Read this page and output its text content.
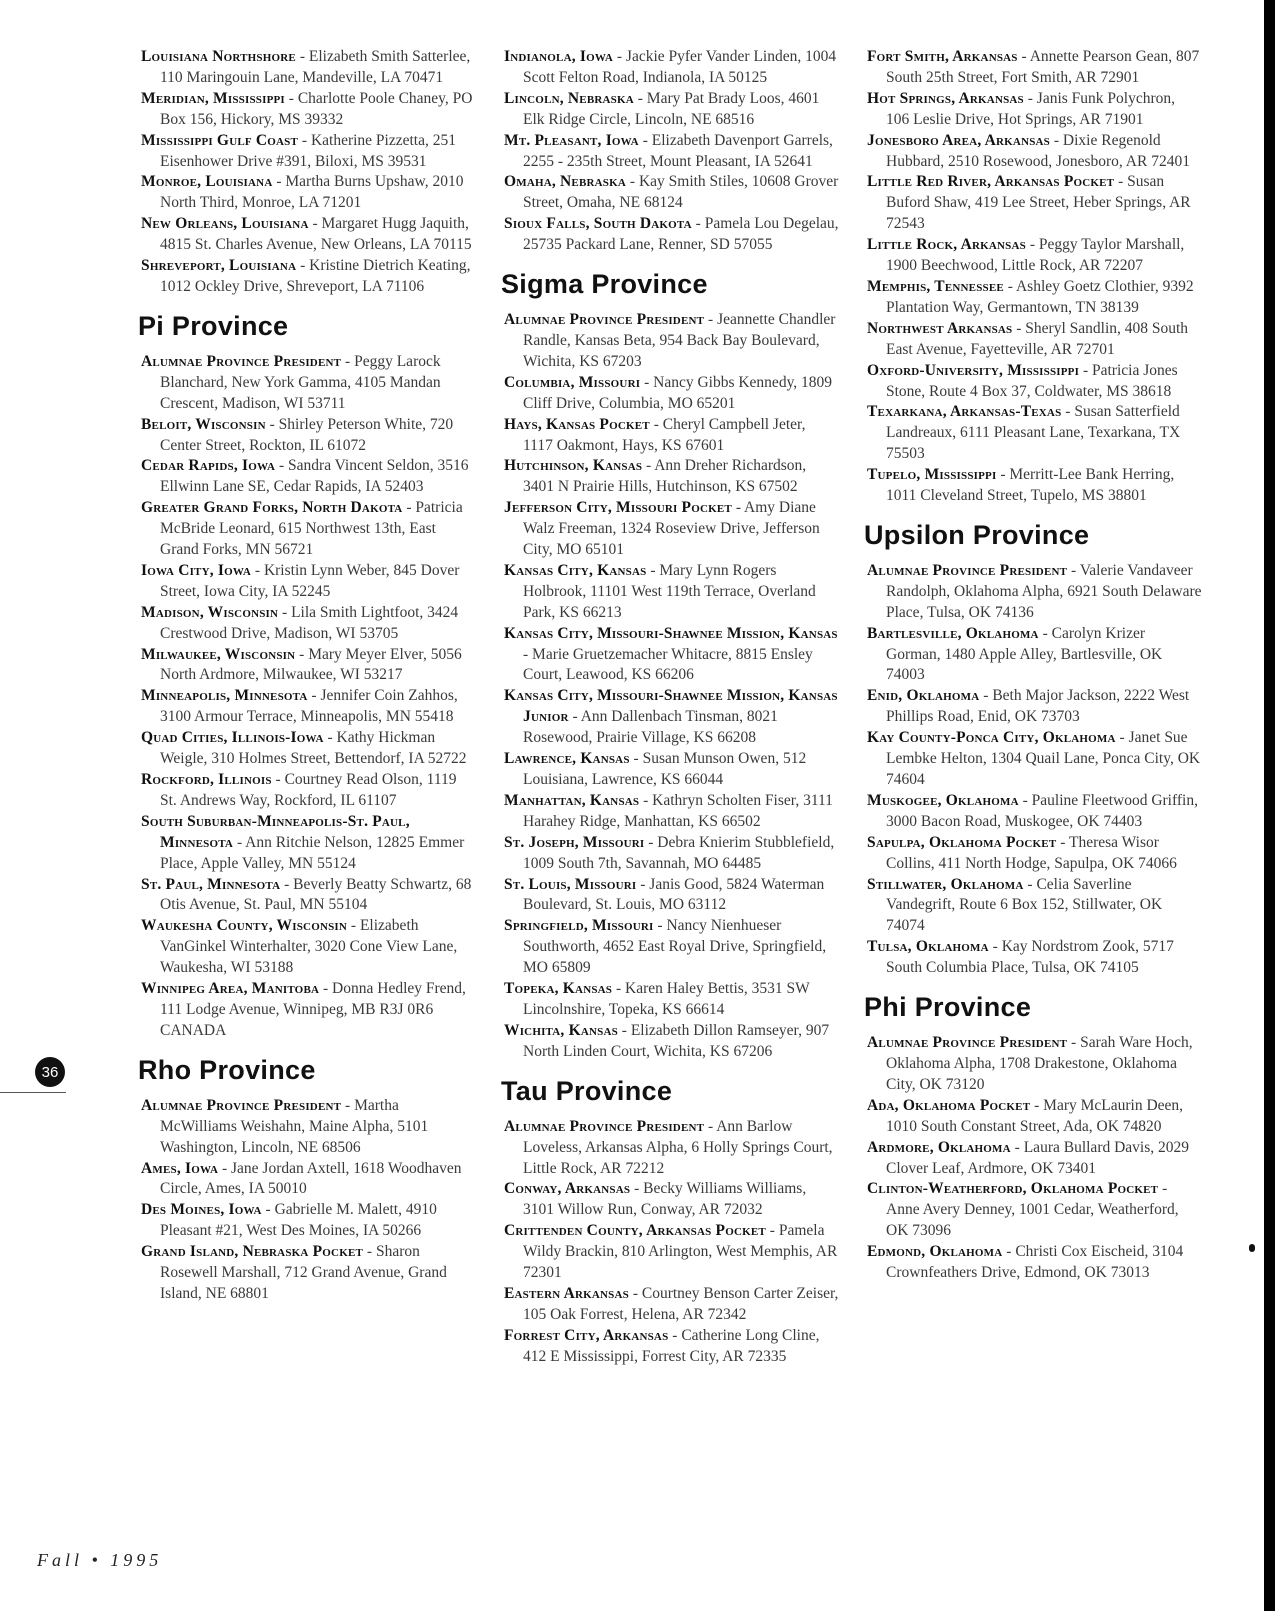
Louisiana Northshore - Elizabeth Smith Satterlee, 110 Maringouin Lane, Mandeville, LA 70471

Meridian, Mississippi - Charlotte Poole Chaney, PO Box 156, Hickory, MS 39332

Mississippi Gulf Coast - Katherine Pizzetta, 251 Eisenhower Drive #391, Biloxi, MS 39531

Monroe, Louisiana - Martha Burns Upshaw, 2010 North Third, Monroe, LA 71201

New Orleans, Louisiana - Margaret Hugg Jaquith, 4815 St. Charles Avenue, New Orleans, LA 70115

Shreveport, Louisiana - Kristine Dietrich Keating, 1012 Ockley Drive, Shreveport, LA 71106

Pi Province

Alumnae Province President - Peggy Larock Blanchard, New York Gamma, 4105 Mandan Crescent, Madison, WI 53711

Beloit, Wisconsin - Shirley Peterson White, 720 Center Street, Rockton, IL 61072

Cedar Rapids, Iowa - Sandra Vincent Seldon, 3516 Ellwinn Lane SE, Cedar Rapids, IA 52403

Greater Grand Forks, North Dakota - Patricia McBride Leonard, 615 Northwest 13th, East Grand Forks, MN 56721

Iowa City, Iowa - Kristin Lynn Weber, 845 Dover Street, Iowa City, IA 52245

Madison, Wisconsin - Lila Smith Lightfoot, 3424 Crestwood Drive, Madison, WI 53705

Milwaukee, Wisconsin - Mary Meyer Elver, 5056 North Ardmore, Milwaukee, WI 53217

Minneapolis, Minnesota - Jennifer Coin Zahhos, 3100 Armour Terrace, Minneapolis, MN 55418

Quad Cities, Illinois-Iowa - Kathy Hickman Weigle, 310 Holmes Street, Bettendorf, IA 52722

Rockford, Illinois - Courtney Read Olson, 1119 St. Andrews Way, Rockford, IL 61107

South Suburban-Minneapolis-St. Paul, Minnesota - Ann Ritchie Nelson, 12825 Emmer Place, Apple Valley, MN 55124

St. Paul, Minnesota - Beverly Beatty Schwartz, 68 Otis Avenue, St. Paul, MN 55104

Waukesha County, Wisconsin - Elizabeth VanGinkel Winterhalter, 3020 Cone View Lane, Waukesha, WI 53188

Winnipeg Area, Manitoba - Donna Hedley Frend, 111 Lodge Avenue, Winnipeg, MB R3J 0R6 CANADA

Rho Province

Alumnae Province President - Martha McWilliams Weishahn, Maine Alpha, 5101 Washington, Lincoln, NE 68506

Ames, Iowa - Jane Jordan Axtell, 1618 Woodhaven Circle, Ames, IA 50010

Des Moines, Iowa - Gabrielle M. Malett, 4910 Pleasant #21, West Des Moines, IA 50266

Grand Island, Nebraska Pocket - Sharon Rosewell Marshall, 712 Grand Avenue, Grand Island, NE 68801

Indianola, Iowa - Jackie Pyfer Vander Linden, 1004 Scott Felton Road, Indianola, IA 50125

Lincoln, Nebraska - Mary Pat Brady Loos, 4601 Elk Ridge Circle, Lincoln, NE 68516

Mt. Pleasant, Iowa - Elizabeth Davenport Garrels, 2255 - 235th Street, Mount Pleasant, IA 52641

Omaha, Nebraska - Kay Smith Stiles, 10608 Grover Street, Omaha, NE 68124

Sioux Falls, South Dakota - Pamela Lou Degelau, 25735 Packard Lane, Renner, SD 57055

Sigma Province

Alumnae Province President - Jeannette Chandler Randle, Kansas Beta, 954 Back Bay Boulevard, Wichita, KS 67203

Columbia, Missouri - Nancy Gibbs Kennedy, 1809 Cliff Drive, Columbia, MO 65201

Hays, Kansas Pocket - Cheryl Campbell Jeter, 1117 Oakmont, Hays, KS 67601

Hutchinson, Kansas - Ann Dreher Richardson, 3401 N Prairie Hills, Hutchinson, KS 67502

Jefferson City, Missouri Pocket - Amy Diane Walz Freeman, 1324 Roseview Drive, Jefferson City, MO 65101

Kansas City, Kansas - Mary Lynn Rogers Holbrook, 11101 West 119th Terrace, Overland Park, KS 66213

Kansas City, Missouri-Shawnee Mission, Kansas - Marie Gruetzemacher Whitacre, 8815 Ensley Court, Leawood, KS 66206

Kansas City, Missouri-Shawnee Mission, Kansas Junior - Ann Dallenbach Tinsman, 8021 Rosewood, Prairie Village, KS 66208

Lawrence, Kansas - Susan Munson Owen, 512 Louisiana, Lawrence, KS 66044

Manhattan, Kansas - Kathryn Scholten Fiser, 3111 Harahey Ridge, Manhattan, KS 66502

St. Joseph, Missouri - Debra Knierim Stubblefield, 1009 South 7th, Savannah, MO 64485

St. Louis, Missouri - Janis Good, 5824 Waterman Boulevard, St. Louis, MO 63112

Springfield, Missouri - Nancy Nienhueser Southworth, 4652 East Royal Drive, Springfield, MO 65809

Topeka, Kansas - Karen Haley Bettis, 3531 SW Lincolnshire, Topeka, KS 66614

Wichita, Kansas - Elizabeth Dillon Ramseyer, 907 North Linden Court, Wichita, KS 67206

Tau Province

Alumnae Province President - Ann Barlow Loveless, Arkansas Alpha, 6 Holly Springs Court, Little Rock, AR 72212

Conway, Arkansas - Becky Williams Williams, 3101 Willow Run, Conway, AR 72032

Crittenden County, Arkansas Pocket - Pamela Wildy Brackin, 810 Arlington, West Memphis, AR 72301

Eastern Arkansas - Courtney Benson Carter Zeiser, 105 Oak Forrest, Helena, AR 72342

Forrest City, Arkansas - Catherine Long Cline, 412 E Mississippi, Forrest City, AR 72335

Fort Smith, Arkansas - Annette Pearson Gean, 807 South 25th Street, Fort Smith, AR 72901

Hot Springs, Arkansas - Janis Funk Polychron, 106 Leslie Drive, Hot Springs, AR 71901

Jonesboro Area, Arkansas - Dixie Regenold Hubbard, 2510 Rosewood, Jonesboro, AR 72401

Little Red River, Arkansas Pocket - Susan Buford Shaw, 419 Lee Street, Heber Springs, AR 72543

Little Rock, Arkansas - Peggy Taylor Marshall, 1900 Beechwood, Little Rock, AR 72207

Memphis, Tennessee - Ashley Goetz Clothier, 9392 Plantation Way, Germantown, TN 38139

Northwest Arkansas - Sheryl Sandlin, 408 South East Avenue, Fayetteville, AR 72701

Oxford-University, Mississippi - Patricia Jones Stone, Route 4 Box 37, Coldwater, MS 38618

Texarkana, Arkansas-Texas - Susan Satterfield Landreaux, 6111 Pleasant Lane, Texarkana, TX 75503

Tupelo, Mississippi - Merritt-Lee Bank Herring, 1011 Cleveland Street, Tupelo, MS 38801

Upsilon Province

Alumnae Province President - Valerie Vandaveer Randolph, Oklahoma Alpha, 6921 South Delaware Place, Tulsa, OK 74136

Bartlesville, Oklahoma - Carolyn Krizer Gorman, 1480 Apple Alley, Bartlesville, OK 74003

Enid, Oklahoma - Beth Major Jackson, 2222 West Phillips Road, Enid, OK 73703

Kay County-Ponca City, Oklahoma - Janet Sue Lembke Helton, 1304 Quail Lane, Ponca City, OK 74604

Muskogee, Oklahoma - Pauline Fleetwood Griffin, 3000 Bacon Road, Muskogee, OK 74403

Sapulpa, Oklahoma Pocket - Theresa Wisor Collins, 411 North Hodge, Sapulpa, OK 74066

Stillwater, Oklahoma - Celia Saverline Vandegrift, Route 6 Box 152, Stillwater, OK 74074

Tulsa, Oklahoma - Kay Nordstrom Zook, 5717 South Columbia Place, Tulsa, OK 74105

Phi Province

Alumnae Province President - Sarah Ware Hoch, Oklahoma Alpha, 1708 Drakestone, Oklahoma City, OK 73120

Ada, Oklahoma Pocket - Mary McLaurin Deen, 1010 South Constant Street, Ada, OK 74820

Ardmore, Oklahoma - Laura Bullard Davis, 2029 Clover Leaf, Ardmore, OK 73401

Clinton-Weatherford, Oklahoma Pocket - Anne Avery Denney, 1001 Cedar, Weatherford, OK 73096

Edmond, Oklahoma - Christi Cox Eischeid, 3104 Crownfeathers Drive, Edmond, OK 73013

36
Fall • 1995
